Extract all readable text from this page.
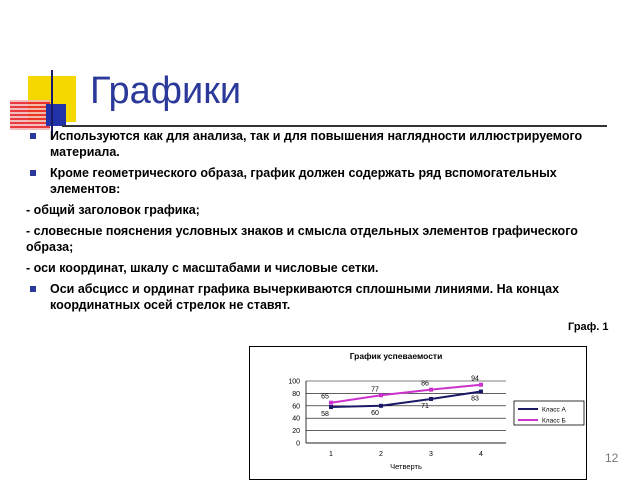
Графики
Используются как для анализа, так и для повышения наглядности иллюстрируемого материала.
Кроме геометрического образа, график должен содержать ряд вспомогательных элементов:
- общий заголовок графика;
- словесные пояснения условных знаков и смысла отдельных элементов графического образа;
- оси координат, шкалу с масштабами и числовые сетки.
Оси абсцисс и ординат графика вычеркиваются сплошными линиями. На концах координатных осей стрелок не ставят.
Граф. 1
График успеваемости
0
20
40
60
80
100
1	2	3	4
Четверть
58	60
71
83
65
77
86
94
Класс А
Класс Б
12
